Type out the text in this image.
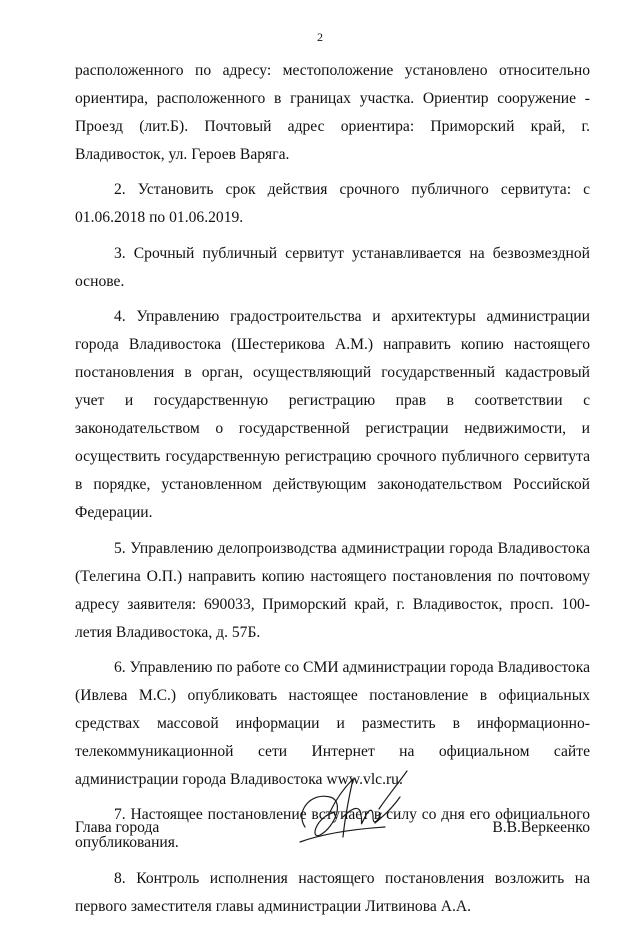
2

расположенного по адресу: местоположение установлено относительно ориентира, расположенного в границах участка. Ориентир сооружение - Проезд (лит.Б). Почтовый адрес ориентира: Приморский край, г. Владивосток, ул. Героев Варяга.

2. Установить срок действия срочного публичного сервитута: с 01.06.2018 по 01.06.2019.

3. Срочный публичный сервитут устанавливается на безвозмездной основе.

4. Управлению градостроительства и архитектуры администрации города Владивостока (Шестерикова А.М.) направить копию настоящего постановления в орган, осуществляющий государственный кадастровый учет и государственную регистрацию прав в соответствии с законодательством о государственной регистрации недвижимости, и осуществить государственную регистрацию срочного публичного сервитута в порядке, установленном действующим законодательством Российской Федерации.

5. Управлению делопроизводства администрации города Владивостока (Телегина О.П.) направить копию настоящего постановления по почтовому адресу заявителя: 690033, Приморский край, г. Владивосток, просп. 100-летия Владивостока, д. 57Б.

6. Управлению по работе со СМИ администрации города Владивостока (Ивлева М.С.) опубликовать настоящее постановление в официальных средствах массовой информации и разместить в информационно-телекоммуникационной сети Интернет на официальном сайте администрации города Владивостока www.vlc.ru.

7. Настоящее постановление вступает в силу со дня его официального опубликования.

8. Контроль исполнения настоящего постановления возложить на первого заместителя главы администрации Литвинова А.А.

Глава города	В.В.Веркеенко
